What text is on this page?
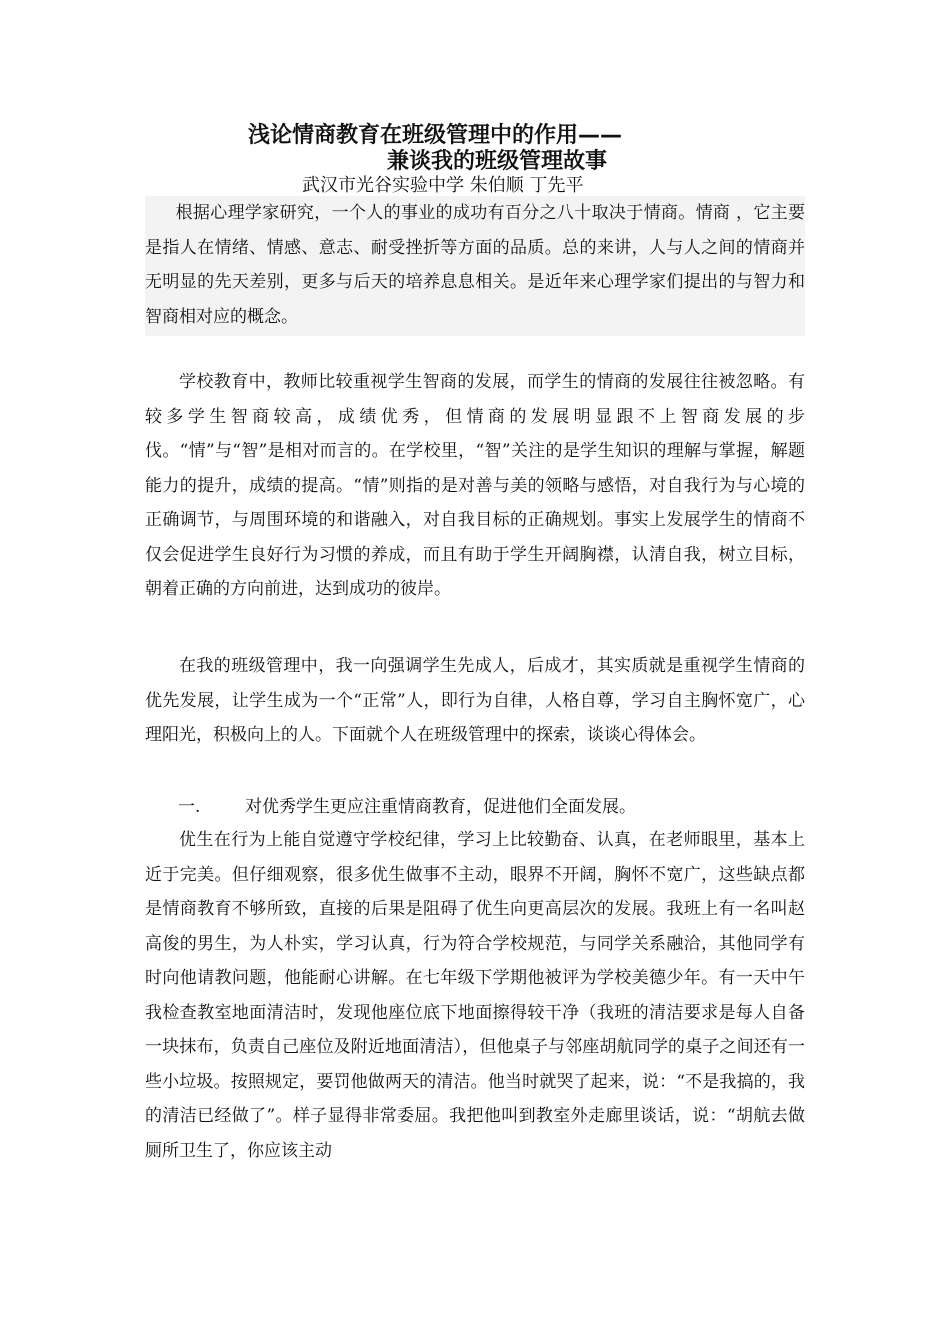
浅论情商教育在班级管理中的作用——
兼谈我的班级管理故事
武汉市光谷实验中学 朱伯顺 丁先平

根据心理学家研究，一个人的事业的成功有百分之八十取决于情商。情商 ，它主要是指人在情绪、情感、意志、耐受挫折等方面的品质。总的来讲，人与人之间的情商并无明显的先天差别，更多与后天的培养息息相关。是近年来心理学家们提出的与智力和智商相对应的概念。

学校教育中，教师比较重视学生智商的发展，而学生的情商的发展往往被忽略。有较多学生智商较高，成绩优秀，但情商的发展明显跟不上智商发展的步伐。“情”与“智”是相对而言的。在学校里，“智”关注的是学生知识的理解与掌握，解题能力的提升，成绩的提高。“情”则指的是对善与美的领略与感悟，对自我行为与心境的正确调节，与周围环境的和谐融入，对自我目标的正确规划。事实上发展学生的情商不仅会促进学生良好行为习惯的养成，而且有助于学生开阔胸襟，认清自我，树立目标，朝着正确的方向前进，达到成功的彼岸。

在我的班级管理中，我一向强调学生先成人，后成才，其实质就是重视学生情商的优先发展，让学生成为一个“正常”人，即行为自律，人格自尊，学习自主胸怀宽广，心理阳光，积极向上的人。下面就个人在班级管理中的探索，谈谈心得体会。

一.	对优秀学生更应注重情商教育，促进他们全面发展。

优生在行为上能自觉遵守学校纪律，学习上比较勤奋、认真，在老师眼里，基本上近于完美。但仔细观察，很多优生做事不主动，眼界不开阔，胸怀不宽广，这些缺点都是情商教育不够所致，直接的后果是阻碍了优生向更高层次的发展。我班上有一名叫赵高俊的男生，为人朴实，学习认真，行为符合学校规范，与同学关系融洽，其他同学有时向他请教问题，他能耐心讲解。在七年级下学期他被评为学校美德少年。有一天中午我检查教室地面清洁时，发现他座位底下地面擦得较干净（我班的清洁要求是每人自备一块抹布，负责自己座位及附近地面清洁），但他桌子与邻座胡航同学的桌子之间还有一些小垃圾。按照规定，要罚他做两天的清洁。他当时就哭了起来，说：“不是我搞的，我的清洁已经做了”。样子显得非常委屈。我把他叫到教室外走廊里谈话，说：“胡航去做厕所卫生了，你应该主动
